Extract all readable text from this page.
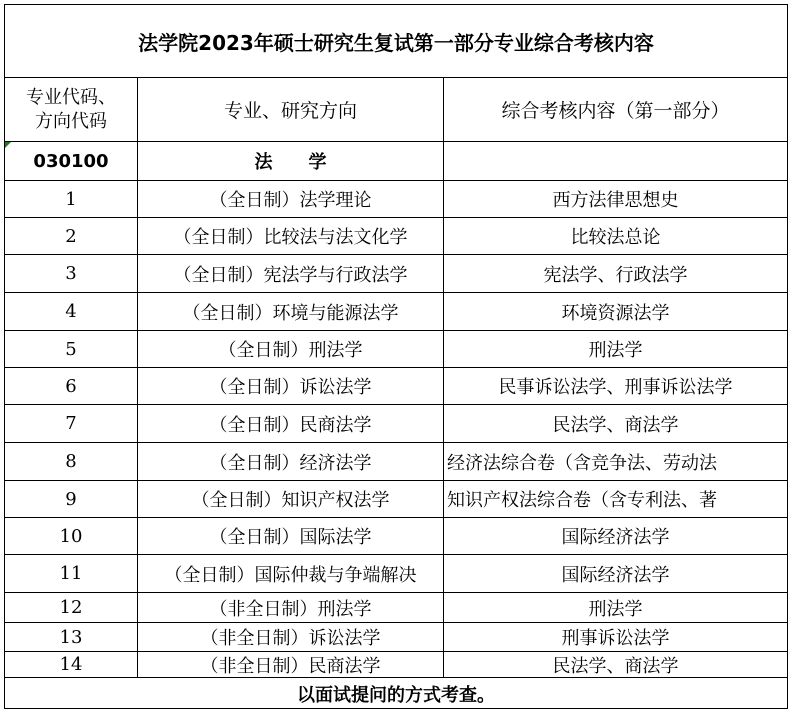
法学院2023年硕士研究生复试第一部分专业综合考核内容
专业代码、
方向代码	专业、研究方向	综合考核内容（第一部分）
030100	法　　学
1	（全日制）法学理论	西方法律思想史
2	（全日制）比较法与法文化学	比较法总论
3	（全日制）宪法学与行政法学	宪法学、行政法学
4	（全日制）环境与能源法学	环境资源法学
5	（全日制）刑法学	刑法学
6	（全日制）诉讼法学	民事诉讼法学、刑事诉讼法学
7	（全日制）民商法学	民法学、商法学
8	（全日制）经济法学	经济法综合卷（含竞争法、劳动法
9	（全日制）知识产权法学	知识产权法综合卷（含专利法、著
10	（全日制）国际法学	国际经济法学
11	（全日制）国际仲裁与争端解决	国际经济法学
12	（非全日制）刑法学	刑法学
13	（非全日制）诉讼法学	刑事诉讼法学
14	（非全日制）民商法学	民法学、商法学
以面试提问的方式考查。
